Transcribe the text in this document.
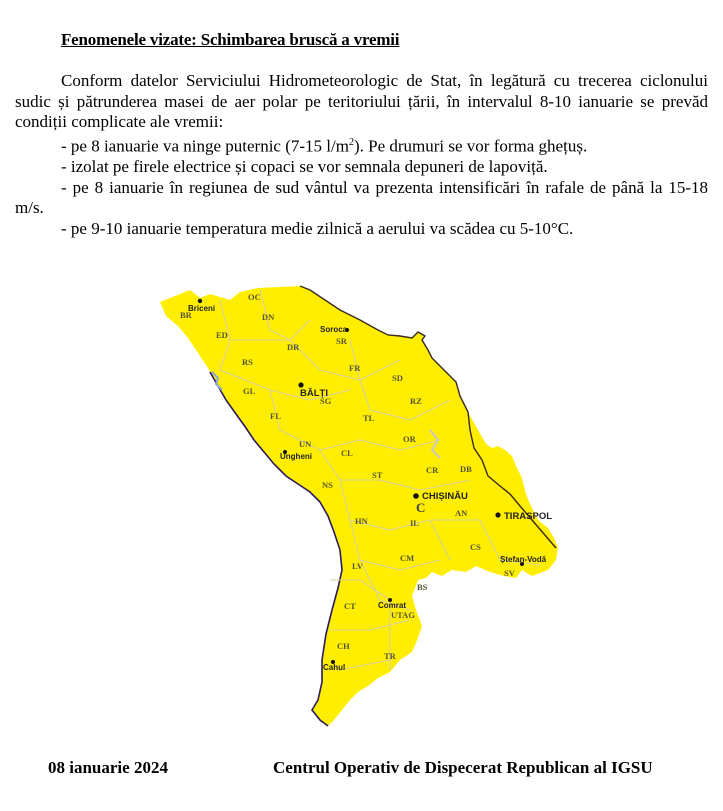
Fenomenele vizate: Schimbarea bruscă a vremii

Conform datelor Serviciului Hidrometeorologic de Stat, în legătură cu trecerea ciclonului sudic și pătrunderea masei de aer polar pe teritoriului țării, în intervalul 8-10 ianuarie se prevăd condiții complicate ale vremii:

- pe 8 ianuarie va ninge puternic (7-15 $l/m^2$). Pe drumuri se vor forma ghețuș.

- izolat pe firele electrice și copaci se vor semnala depuneri de lapoviță.

- pe 8 ianuarie în regiunea de sud vântul va prezenta intensificări în rafale de până la 15-18 m/s.

- pe 9-10 ianuarie temperatura medie zilnică a aerului va scădea cu 5-10°C.

OC
BR	DN
ED
DR
SR
RS
FR
SD
GL
SG	RZ
FL	TL
UN	OR
CL
CR	DB
ST
NS
AN
HN	IL
CS
CM
LV
SV
BS
CT
UTAG
CH
TR
Briceni
Soroca
BĂLȚI
Ungheni
CHIȘINĂU
C
TIRASPOL
Ștefan-Vodă
Comrat
Cahul
08 ianuarie 2024	Centrul Operativ de Dispecerat Republican al IGSU
